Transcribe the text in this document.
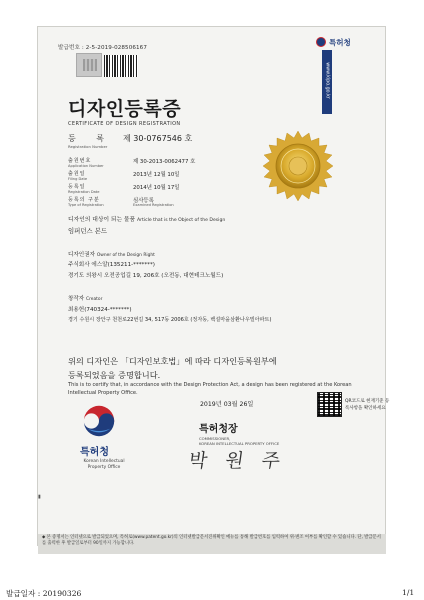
발급번호 : 2-5-2019-028506167
특허청
www.kipo.go.kr
디자인등록증
CERTIFICATE OF DESIGN REGISTRATION
등 록
Registration Number
제 30-0767546 호
출원번호
Application Number
제 30-2013-0062477 호
출원일
Filing Date
2013년 12월 10일
등록일
Registration Date
2014년 10월 17일
등록의 구분
Type of Registration
심사등록
Examined Registration
디자인의 대상이 되는 물품 Article that is the Object of the Design
임퍼던스 본드
디자인권자 Owner of the Design Right
주식회사 에스알(135211-*******)
경기도 의왕시 오전공업길 19, 206호 (오전동, 대현테크노월드)
창작자 Creator
최용헌(740324-*******)
경기 수원시 장안구 천천로22번길 34, 517동 2006호 (정자동, 백설마을삼환나우빌아파트)
위의 디자인은 「디자인보호법」에 따라 디자인등록원부에
등록되었음을 증명합니다.
This is to certify that, in accordance with the Design Protection Act, a design has been registered at the Korean Intellectual Property Office.
2019년 03월 26일	QR코드로 현재기준 등록사항을 확인하세요
특허청
Korean Intellectual Property Office
특허청장
COMMISSIONER,
KOREAN INTELLECTUAL PROPERTY OFFICE
박 원 주
▮

◆ 본 증명서는 인터넷으로 발급되었으며, 특허로(www.patent.go.kr)의 인터넷발급문서진위확인 메뉴를 통해 발급번호를 입력하여 위·변조 여부를 확인할 수 있습니다. 단, 발급문서를 출력한 후 발급일로부터 90일까지 가능합니다.

발급일자 : 20190326	1/1
